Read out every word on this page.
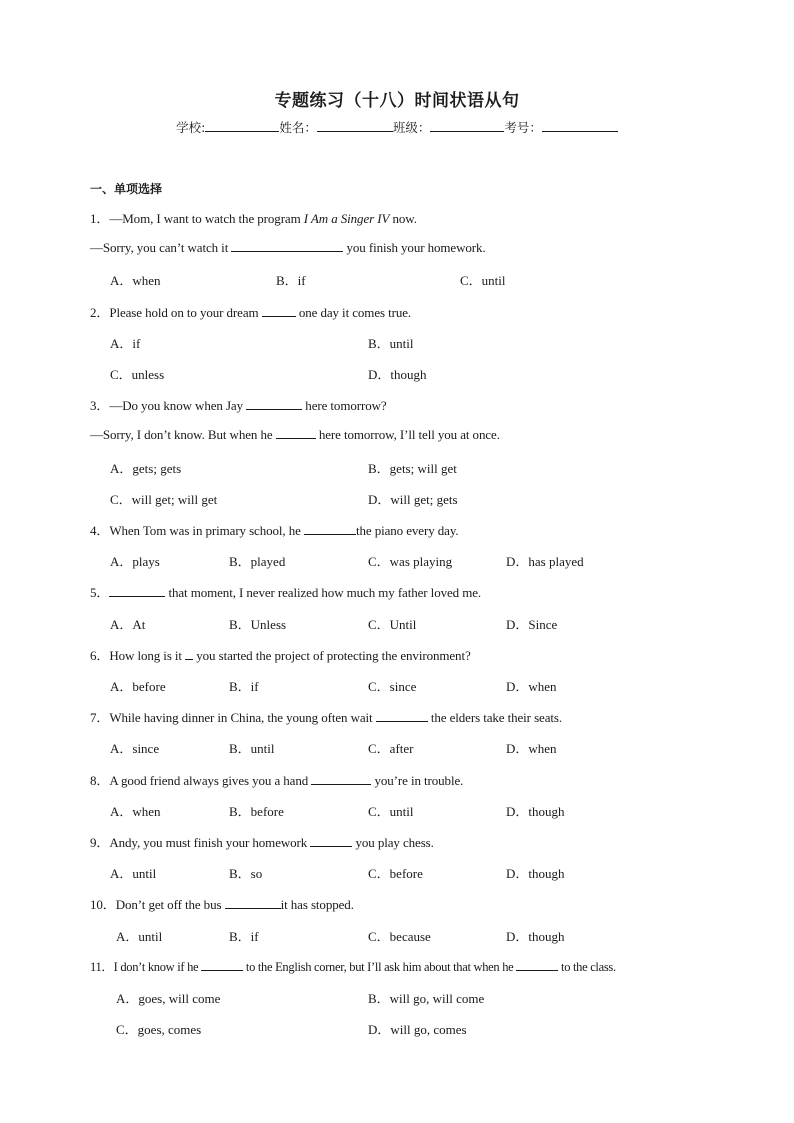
专题练习（十八）时间状语从句
学校:	姓名：	班级：	考号：
一、单项选择
1．—Mom, I want to watch the program I Am a Singer IV now.
—Sorry, you can’t watch it	you finish your homework.
A．when	B．if	C．until
2．Please hold on to your dream	one day it comes true.
A．if	B．until
C．unless	D．though
3．—Do you know when Jay	here tomorrow?
—Sorry, I don’t know. But when he	here tomorrow, I’ll tell you at once.
A．gets; gets	B．gets; will get
C．will get; will get	D．will get; gets
4．When Tom was in primary school, he	the piano every day.
A．plays	B．played	C．was playing	D．has played
5．	that moment, I never realized how much my father loved me.
A．At	B．Unless	C．Until	D．Since
6．How long is it  you started the project of protecting the environment?
A．before	B．if	C．since	D．when
7．While having dinner in China, the young often wait	the elders take their seats.
A．since	B．until	C．after	D．when
8．A good friend always gives you a hand	you’re in trouble.
A．when	B．before	C．until	D．though
9．Andy, you must finish your homework	you play chess.
A．until	B．so	C．before	D．though
10．Don’t get off the bus	it has stopped.
A．until	B．if	C．because	D．though
11．I don’t know if he	to the English corner, but I’ll ask him about that when he	to the class.
A．goes, will come	B．will go, will come
C．goes, comes	D．will go, comes
